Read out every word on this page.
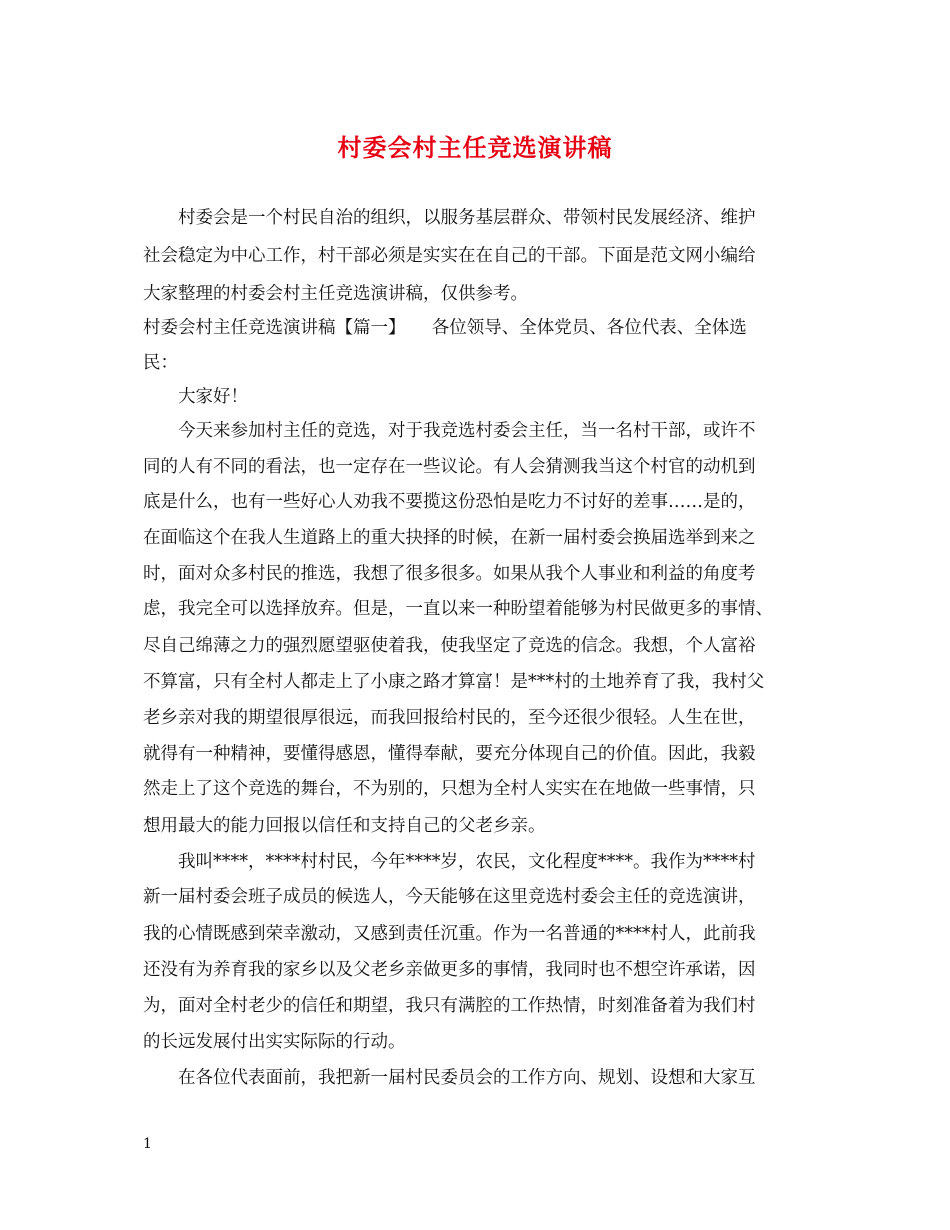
村委会村主任竞选演讲稿
　　村委会是一个村民自治的组织，以服务基层群众、带领村民发展经济、维护
社会稳定为中心工作，村干部必须是实实在在自己的干部。下面是范文网小编给
大家整理的村委会村主任竞选演讲稿，仅供参考。
村委会村主任竞选演讲稿【篇一】　　各位领导、全体党员、各位代表、全体选
民：
　　大家好！
　　今天来参加村主任的竞选，对于我竞选村委会主任，当一名村干部，或许不
同的人有不同的看法，也一定存在一些议论。有人会猜测我当这个村官的动机到
底是什么，也有一些好心人劝我不要揽这份恐怕是吃力不讨好的差事……是的，
在面临这个在我人生道路上的重大抉择的时候，在新一届村委会换届选举到来之
时，面对众多村民的推选，我想了很多很多。如果从我个人事业和利益的角度考
虑，我完全可以选择放弃。但是，一直以来一种盼望着能够为村民做更多的事情、
尽自己绵薄之力的强烈愿望驱使着我，使我坚定了竞选的信念。我想，个人富裕
不算富，只有全村人都走上了小康之路才算富！是***村的土地养育了我，我村父
老乡亲对我的期望很厚很远，而我回报给村民的，至今还很少很轻。人生在世，
就得有一种精神，要懂得感恩，懂得奉献，要充分体现自己的价值。因此，我毅
然走上了这个竞选的舞台，不为别的，只想为全村人实实在在地做一些事情，只
想用最大的能力回报以信任和支持自己的父老乡亲。
　　我叫****，****村村民，今年****岁，农民，文化程度****。我作为****村
新一届村委会班子成员的候选人，今天能够在这里竞选村委会主任的竞选演讲，
我的心情既感到荣幸激动，又感到责任沉重。作为一名普通的****村人，此前我
还没有为养育我的家乡以及父老乡亲做更多的事情，我同时也不想空许承诺，因
为，面对全村老少的信任和期望，我只有满腔的工作热情，时刻准备着为我们村
的长远发展付出实实际际的行动。
　　在各位代表面前，我把新一届村民委员会的工作方向、规划、设想和大家互
1
